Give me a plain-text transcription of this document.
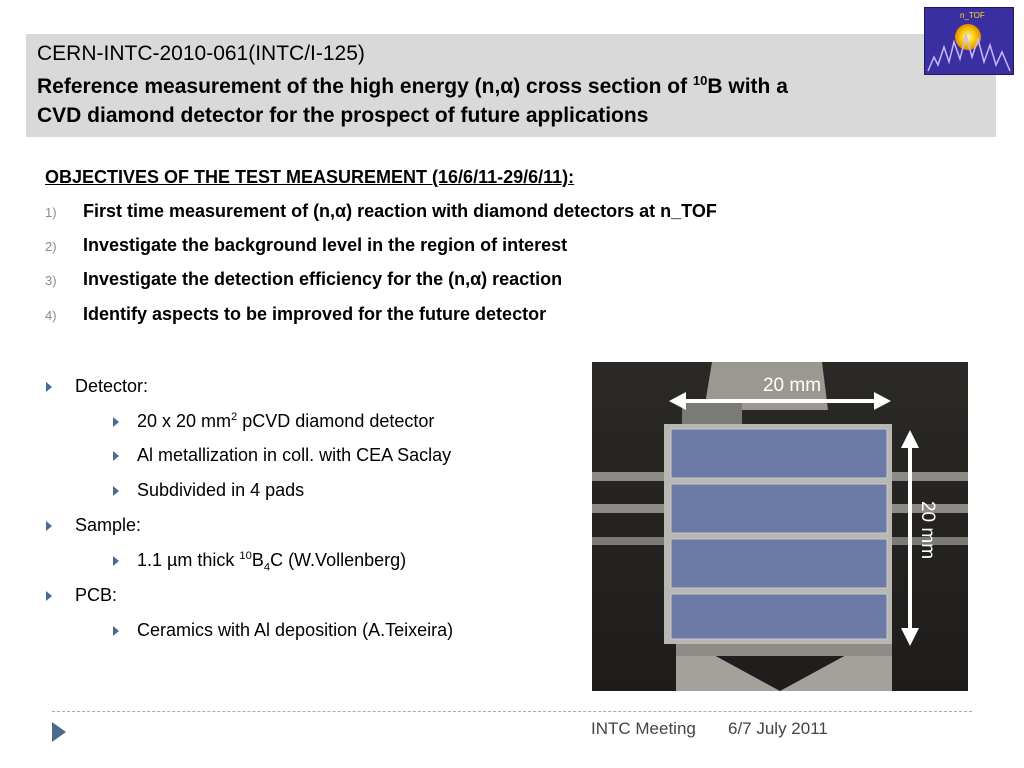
CERN-INTC-2010-061(INTC/I-125)
Reference measurement of the high energy (n,α) cross section of $^{10}$B with a
CVD diamond detector for the prospect of future applications
n_TOF
OBJECTIVES OF THE TEST MEASUREMENT (16/6/11-29/6/11):
1)	First time measurement of (n,α) reaction with diamond detectors at n_TOF
2)	Investigate the background level in the region of interest
3)	Investigate the detection efficiency for the (n,α) reaction
4)	Identify aspects to be improved for the future detector
Detector:
20 x 20 $mm^2$ pCVD diamond detector
Al metallization in coll. with CEA Saclay
Subdivided in 4 pads
Sample:
1.1 µm thick $^{10}B_4C$ (W.Vollenberg)
PCB:
Ceramics with Al deposition (A.Teixeira)
20 mm
20 mm
INTC Meeting 6/7 July 2011
